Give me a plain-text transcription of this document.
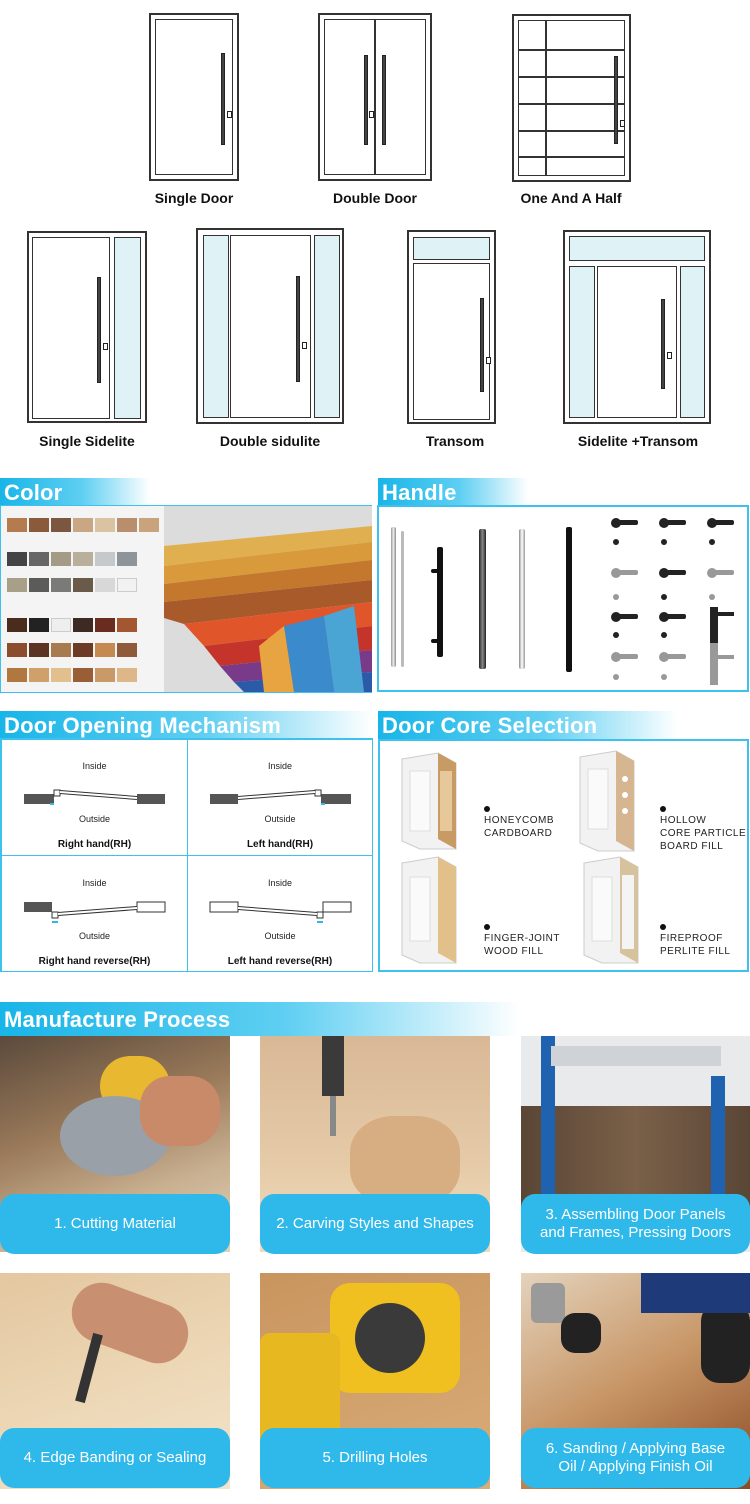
Single Door	Double Door	One And A Half
Single Sidelite	Double sidulite	Transom	Sidelite +Transom
Color	Handle
Door Opening Mechanism
Inside
Outside
Right hand(RH)
Inside
Outside
Left hand(RH)
Inside
Outside
Right hand reverse(RH)
Inside
Outside
Left hand reverse(RH)
Door Core Selection
HONEYCOMB
CARDBOARD
HOLLOW
CORE PARTICLE
BOARD FILL
FINGER-JOINT
WOOD FILL
FIREPROOF
PERLITE FILL
Manufacture Process
1. Cutting Material	2. Carving Styles and Shapes
3. Assembling Door Panels
and Frames, Pressing Doors
4. Edge Banding or Sealing	5. Drilling Holes
6. Sanding / Applying Base
Oil / Applying Finish Oil
